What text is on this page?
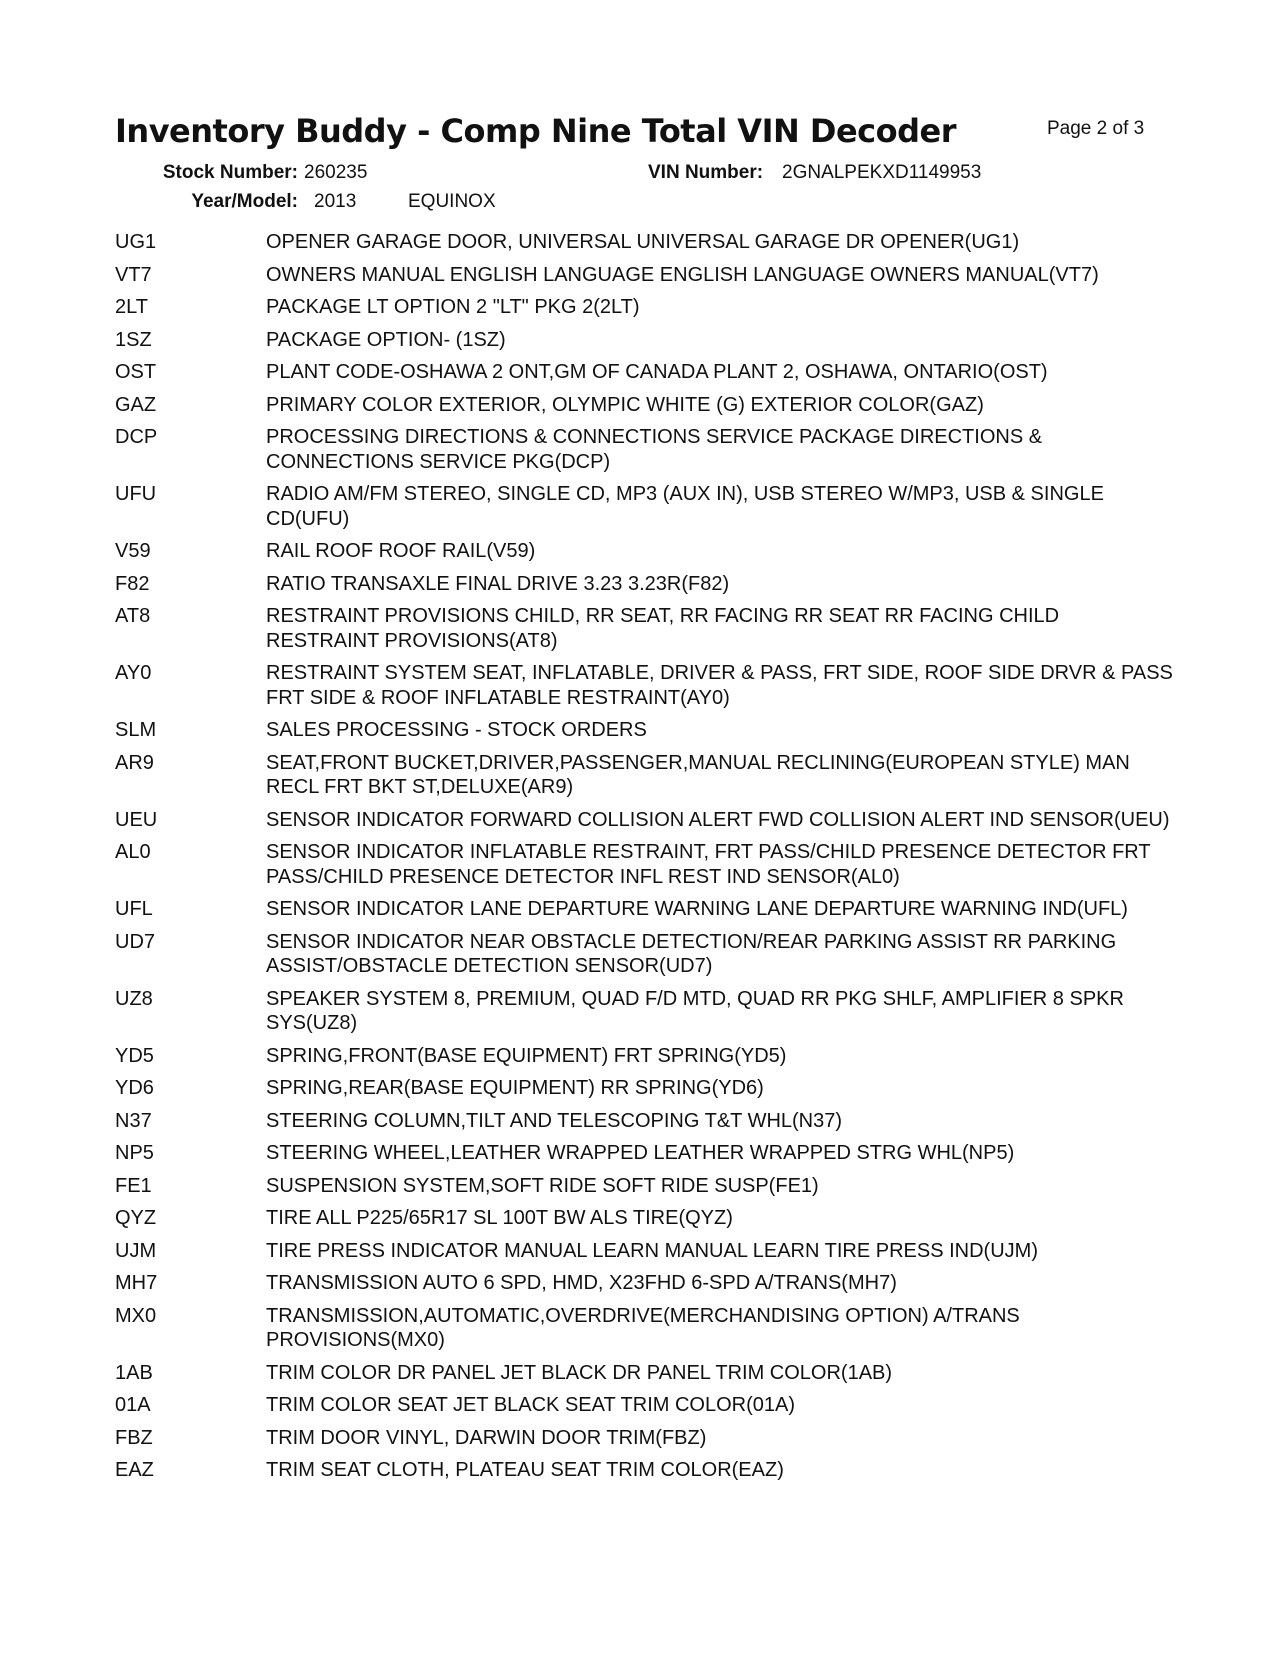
Inventory Buddy - Comp Nine Total VIN Decoder	Page 2 of 3
Stock Number: 260235	VIN Number: 2GNALPEKXD1149953
Year/Model: 2013	EQUINOX
UG1	OPENER GARAGE DOOR, UNIVERSAL UNIVERSAL GARAGE DR OPENER(UG1)
VT7	OWNERS MANUAL ENGLISH LANGUAGE ENGLISH LANGUAGE OWNERS MANUAL(VT7)
2LT	PACKAGE LT OPTION 2 "LT" PKG 2(2LT)
1SZ	PACKAGE OPTION- (1SZ)
OST	PLANT CODE-OSHAWA 2 ONT,GM OF CANADA PLANT 2, OSHAWA, ONTARIO(OST)
GAZ	PRIMARY COLOR EXTERIOR, OLYMPIC WHITE (G) EXTERIOR COLOR(GAZ)
DCP	PROCESSING DIRECTIONS & CONNECTIONS SERVICE PACKAGE DIRECTIONS & CONNECTIONS SERVICE PKG(DCP)
UFU	RADIO AM/FM STEREO, SINGLE CD, MP3 (AUX IN), USB STEREO W/MP3, USB & SINGLE CD(UFU)
V59	RAIL ROOF ROOF RAIL(V59)
F82	RATIO TRANSAXLE FINAL DRIVE 3.23 3.23R(F82)
AT8	RESTRAINT PROVISIONS CHILD, RR SEAT, RR FACING RR SEAT RR FACING CHILD RESTRAINT PROVISIONS(AT8)
AY0	RESTRAINT SYSTEM SEAT, INFLATABLE, DRIVER & PASS, FRT SIDE, ROOF SIDE DRVR & PASS FRT SIDE & ROOF INFLATABLE RESTRAINT(AY0)
SLM	SALES PROCESSING - STOCK ORDERS
AR9	SEAT,FRONT BUCKET,DRIVER,PASSENGER,MANUAL RECLINING(EUROPEAN STYLE) MAN RECL FRT BKT ST,DELUXE(AR9)
UEU	SENSOR INDICATOR FORWARD COLLISION ALERT FWD COLLISION ALERT IND SENSOR(UEU)
AL0	SENSOR INDICATOR INFLATABLE RESTRAINT, FRT PASS/CHILD PRESENCE DETECTOR FRT PASS/CHILD PRESENCE DETECTOR INFL REST IND SENSOR(AL0)
UFL	SENSOR INDICATOR LANE DEPARTURE WARNING LANE DEPARTURE WARNING IND(UFL)
UD7	SENSOR INDICATOR NEAR OBSTACLE DETECTION/REAR PARKING ASSIST RR PARKING ASSIST/OBSTACLE DETECTION SENSOR(UD7)
UZ8	SPEAKER SYSTEM 8, PREMIUM, QUAD F/D MTD, QUAD RR PKG SHLF, AMPLIFIER 8 SPKR SYS(UZ8)
YD5	SPRING,FRONT(BASE EQUIPMENT) FRT SPRING(YD5)
YD6	SPRING,REAR(BASE EQUIPMENT) RR SPRING(YD6)
N37	STEERING COLUMN,TILT AND TELESCOPING T&T WHL(N37)
NP5	STEERING WHEEL,LEATHER WRAPPED LEATHER WRAPPED STRG WHL(NP5)
FE1	SUSPENSION SYSTEM,SOFT RIDE SOFT RIDE SUSP(FE1)
QYZ	TIRE ALL P225/65R17 SL 100T BW ALS TIRE(QYZ)
UJM	TIRE PRESS INDICATOR MANUAL LEARN MANUAL LEARN TIRE PRESS IND(UJM)
MH7	TRANSMISSION AUTO 6 SPD, HMD, X23FHD 6-SPD A/TRANS(MH7)
MX0	TRANSMISSION,AUTOMATIC,OVERDRIVE(MERCHANDISING OPTION) A/TRANS PROVISIONS(MX0)
1AB	TRIM COLOR DR PANEL JET BLACK DR PANEL TRIM COLOR(1AB)
01A	TRIM COLOR SEAT JET BLACK SEAT TRIM COLOR(01A)
FBZ	TRIM DOOR VINYL, DARWIN DOOR TRIM(FBZ)
EAZ	TRIM SEAT CLOTH, PLATEAU SEAT TRIM COLOR(EAZ)
